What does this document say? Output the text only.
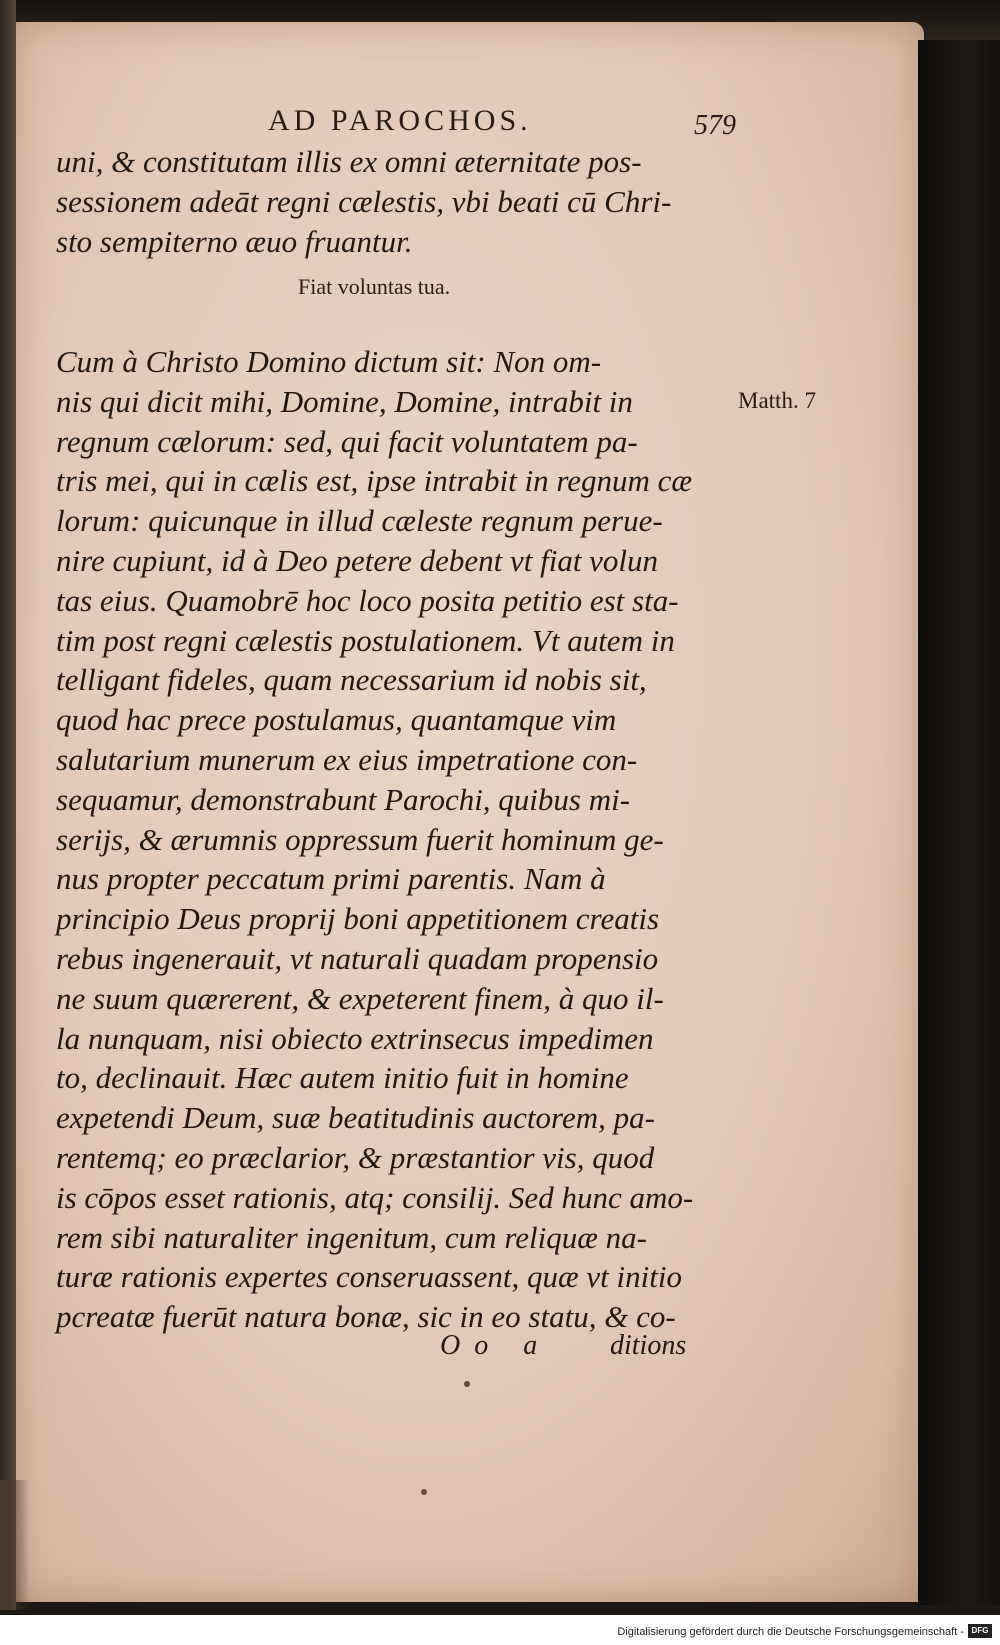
AD PAROCHOS.	579
uni, & constitutam illis ex omni æternitate pos-
sessionem adeāt regni cælestis, vbi beati cū Chri-
sto sempiterno æuo fruantur.
Fiat voluntas tua.
Matth. 7
Cum à Christo Domino dictum sit: Non om-
nis qui dicit mihi, Domine, Domine, intrabit in
regnum cælorum: sed, qui facit voluntatem pa-
tris mei, qui in cælis est, ipse intrabit in regnum cæ
lorum: quicunque in illud cæleste regnum perue-
nire cupiunt, id à Deo petere debent vt fiat volun
tas eius. Quamobrē hoc loco posita petitio est sta-
tim post regni cælestis postulationem. Vt autem in
telligant fideles, quam necessarium id nobis sit,
quod hac prece postulamus, quantamque vim
salutarium munerum ex eius impetratione con-
sequamur, demonstrabunt Parochi, quibus mi-
serijs, & ærumnis oppressum fuerit hominum ge-
nus propter peccatum primi parentis. Nam à
principio Deus proprij boni appetitionem creatis
rebus ingenerauit, vt naturali quadam propensio
ne suum quærerent, & expeterent finem, à quo il-
la nunquam, nisi obiecto extrinsecus impedimen
to, declinauit. Hæc autem initio fuit in homine
expetendi Deum, suæ beatitudinis auctorem, pa-
rentemq; eo præclarior, & præstantior vis, quod
is cōpos esset rationis, atq; consilij. Sed hunc amo-
rem sibi naturaliter ingenitum, cum reliquæ na-
turæ rationis expertes conseruassent, quæ vt initio
pcreatæ fuerūt natura bonæ, sic in eo statu, & co-
Oo a ditions
Digitalisierung gefördert durch die Deutsche Forschungsgemeinschaft - DFG
